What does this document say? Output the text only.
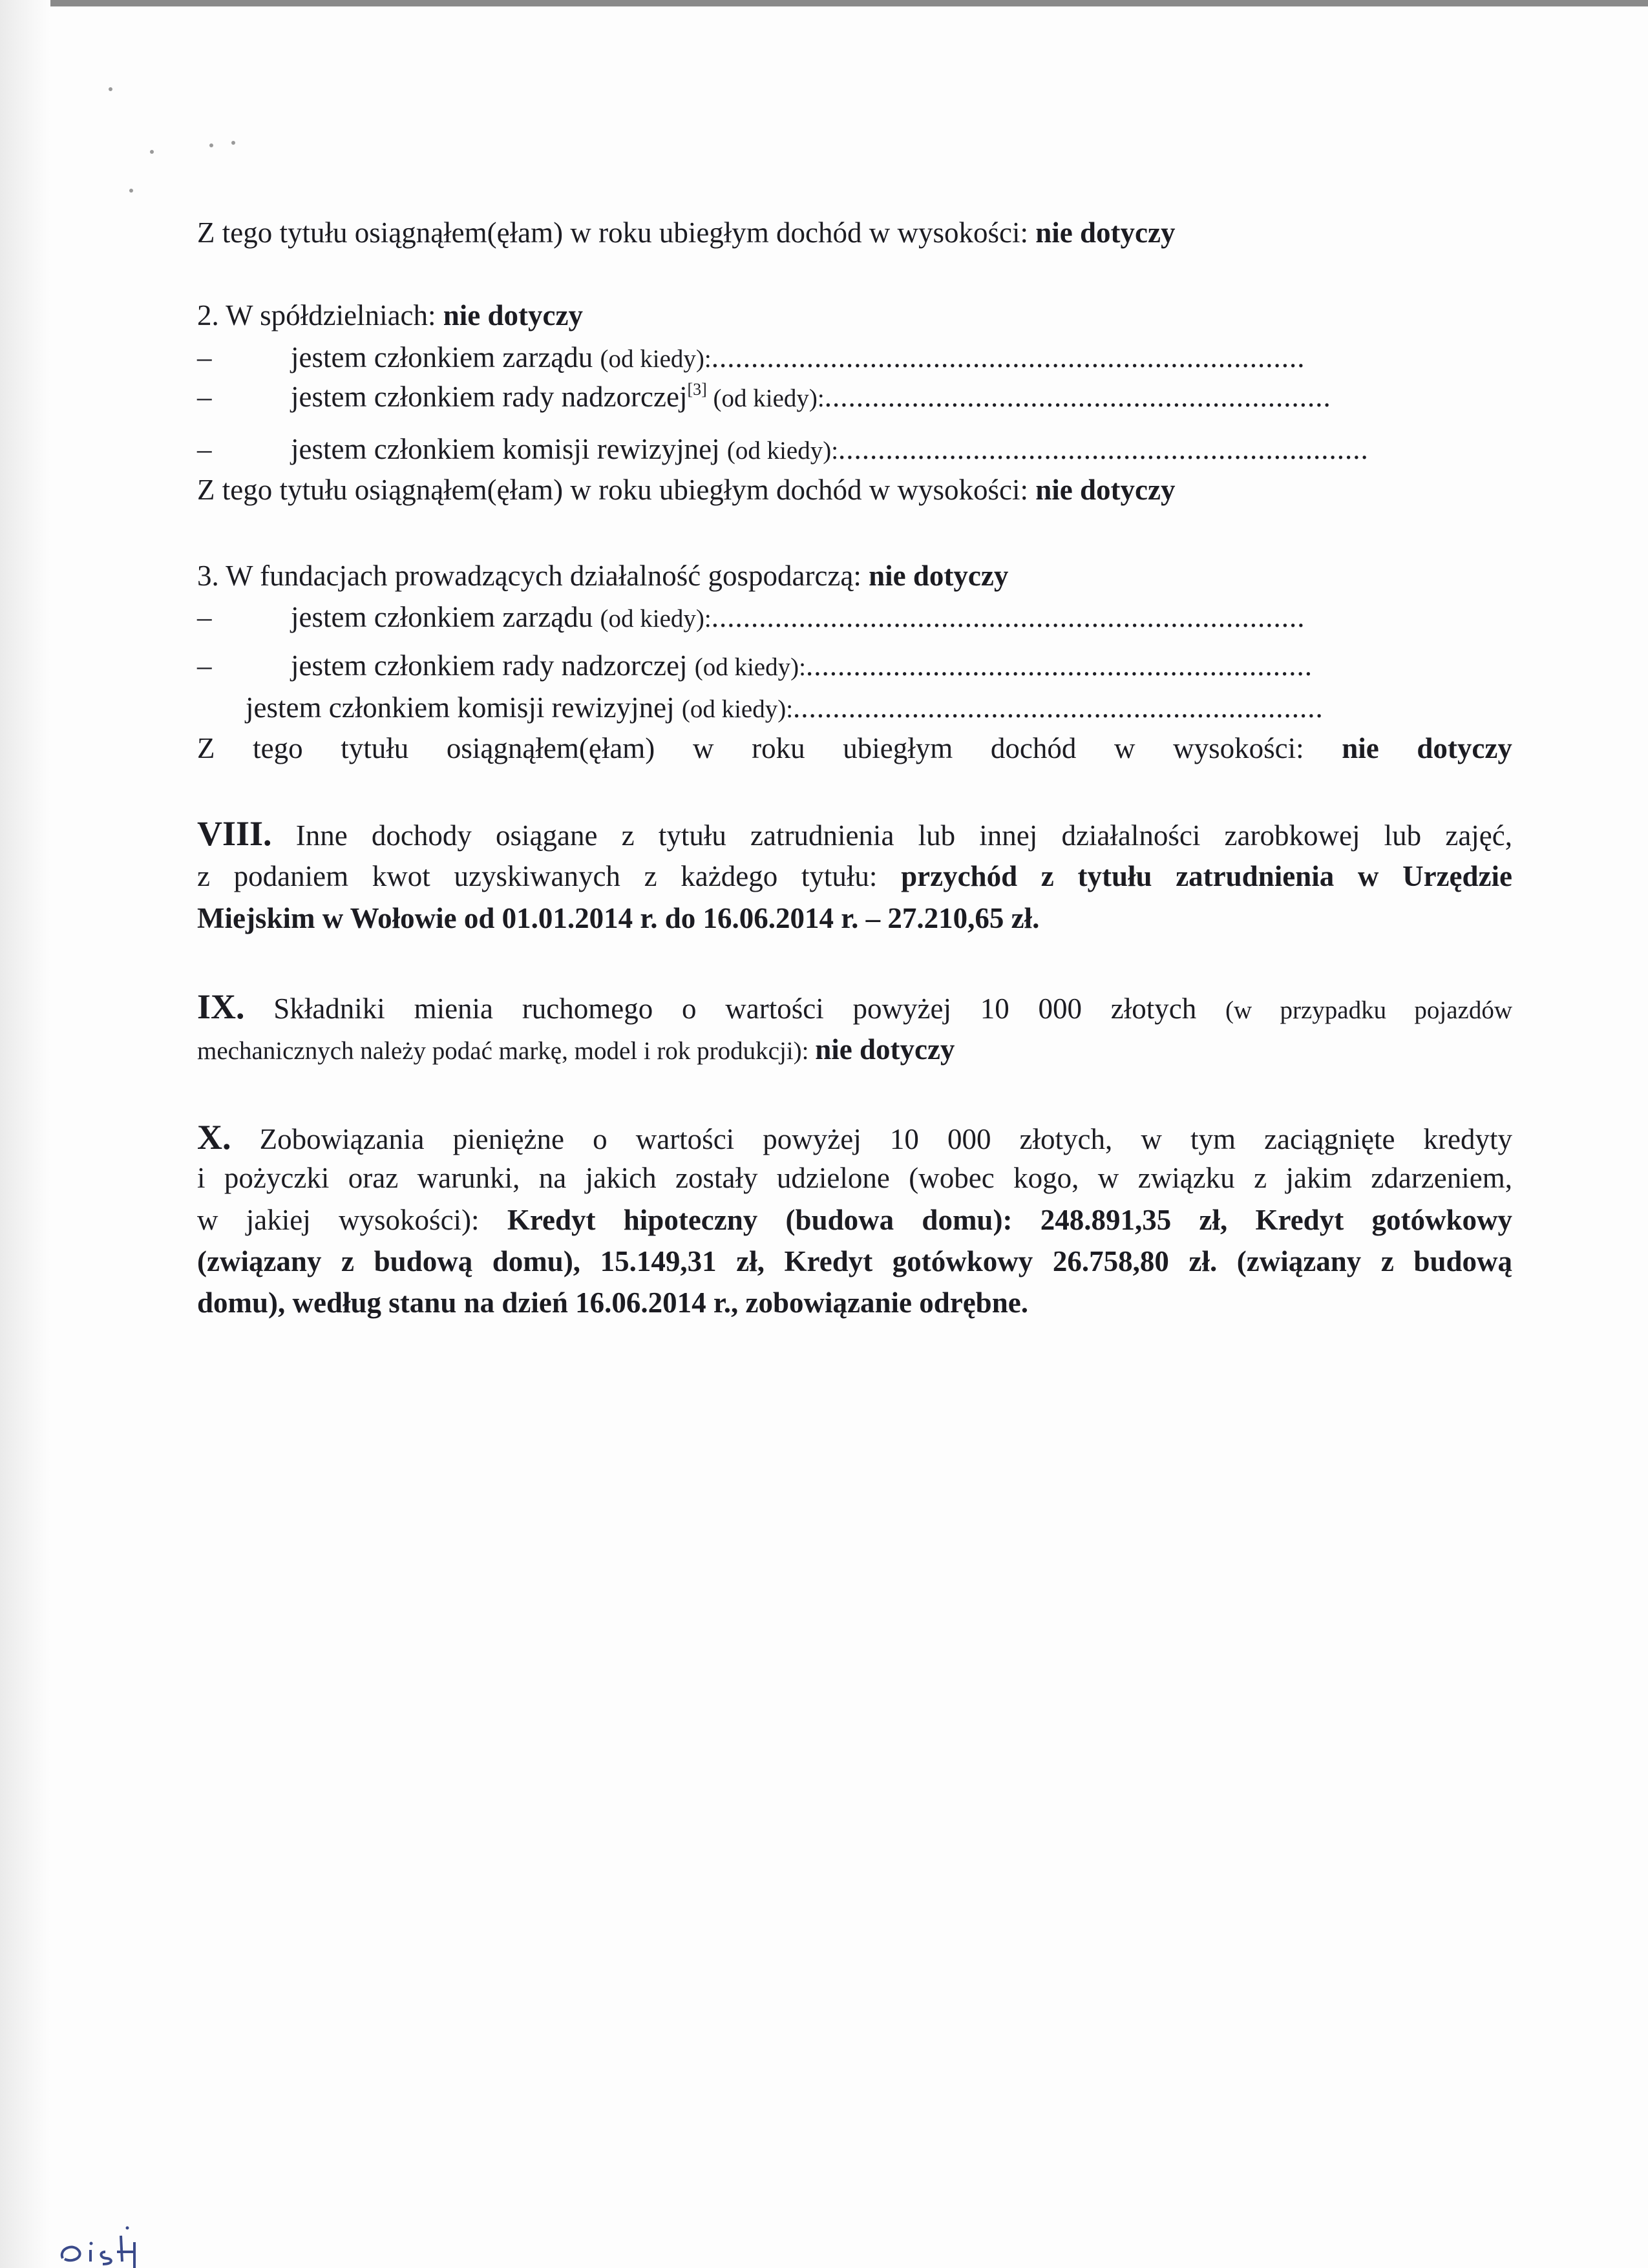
Z tego tytułu osiągnąłem(ęłam) w roku ubiegłym dochód w wysokości: nie dotyczy
2. W spółdzielniach: nie dotyczy
–	jestem członkiem zarządu (od kiedy):...........................................................................
–	jestem członkiem rady nadzorczej[3] (od kiedy):................................................................
–	jestem członkiem komisji rewizyjnej (od kiedy):...................................................................
Z tego tytułu osiągnąłem(ęłam) w roku ubiegłym dochód w wysokości: nie dotyczy
3. W fundacjach prowadzących działalność gospodarczą: nie dotyczy
–	jestem członkiem zarządu (od kiedy):...........................................................................
–	jestem członkiem rady nadzorczej (od kiedy):................................................................
jestem członkiem komisji rewizyjnej (od kiedy):...................................................................
Z tego tytułu osiągnąłem(ęłam) w roku ubiegłym dochód w wysokości: nie dotyczy
VIII. Inne dochody osiągane z tytułu zatrudnienia lub innej działalności zarobkowej lub zajęć,
z podaniem kwot uzyskiwanych z każdego tytułu: przychód z tytułu zatrudnienia w Urzędzie
Miejskim w Wołowie od 01.01.2014 r. do 16.06.2014 r. – 27.210,65 zł.
IX. Składniki mienia ruchomego o wartości powyżej 10 000 złotych (w przypadku pojazdów
mechanicznych należy podać markę, model i rok produkcji): nie dotyczy
X. Zobowiązania pieniężne o wartości powyżej 10 000 złotych, w tym zaciągnięte kredyty
i pożyczki oraz warunki, na jakich zostały udzielone (wobec kogo, w związku z jakim zdarzeniem,
w jakiej wysokości): Kredyt hipoteczny (budowa domu): 248.891,35 zł, Kredyt gotówkowy
(związany z budową domu), 15.149,31 zł, Kredyt gotówkowy 26.758,80 zł. (związany z budową
domu), według stanu na dzień 16.06.2014 r., zobowiązanie odrębne.
